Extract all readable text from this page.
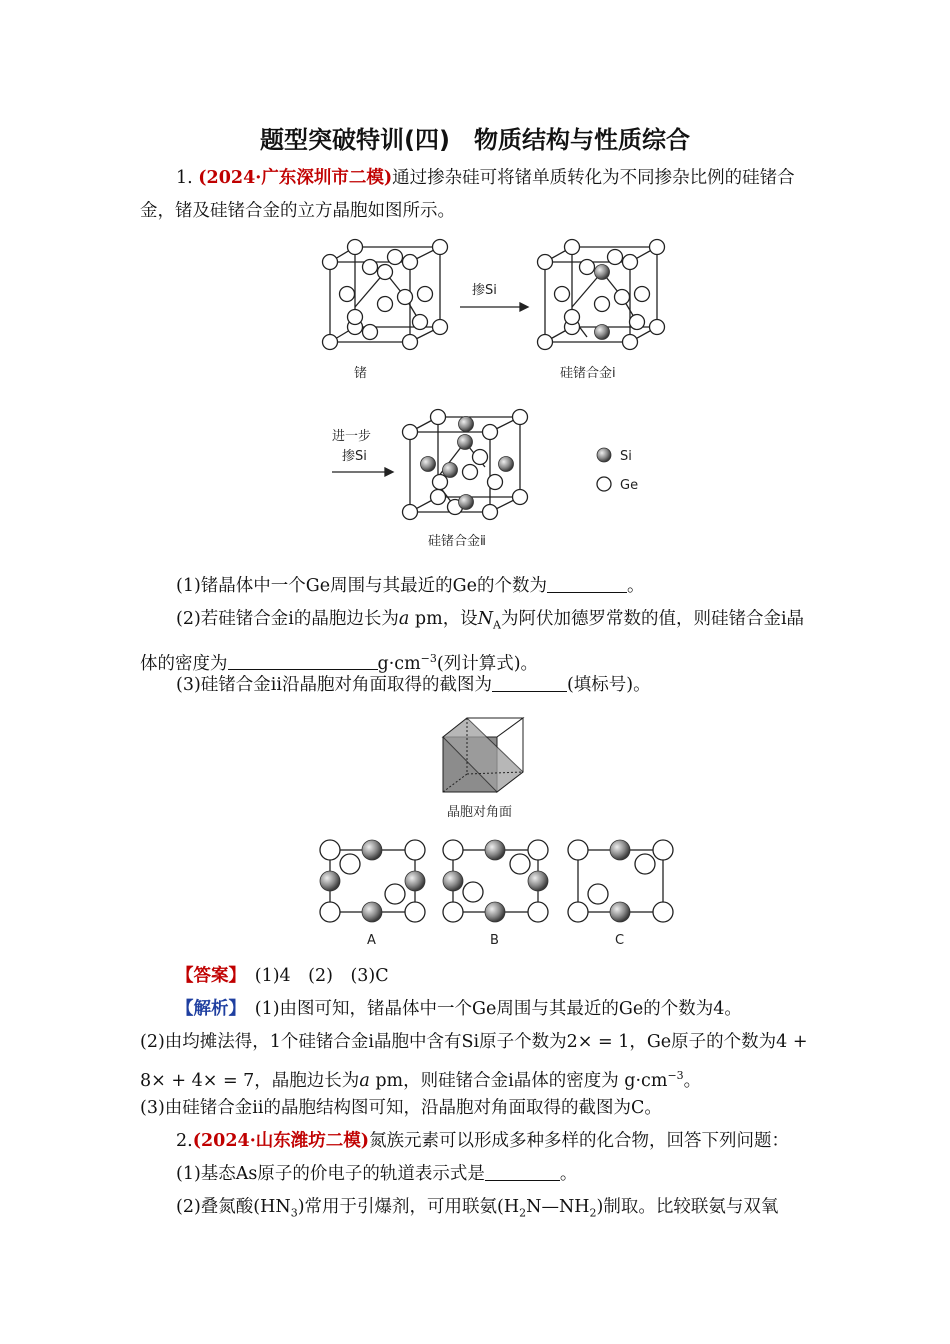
题型突破特训(四)　物质结构与性质综合
1. (2024·广东深圳市二模)通过掺杂硅可将锗单质转化为不同掺杂比例的硅锗合金，锗及硅锗合金的立方晶胞如图所示。
掺Si
锗	硅锗合金ⅰ
进一步
掺Si	Si
Ge
硅锗合金ⅱ
(1)锗晶体中一个Ge周围与其最近的Ge的个数为	。
(2)若硅锗合金ⅰ的晶胞边长为a pm，设$N_A$为阿伏加德罗常数的值，则硅锗合金ⅰ晶体的密度为	$g\cdot cm^{-3}$(列计算式)。
(3)硅锗合金ⅱ沿晶胞对角面取得的截图为	(填标号)。
晶胞对角面
A	B	C
【答案】　 (1)4　(2)　(3)C
【解析】　 (1)由图可知，锗晶体中一个Ge周围与其最近的Ge的个数为4。
(2)由均摊法得，1个硅锗合金ⅰ晶胞中含有Si原子个数为2× = 1，Ge原子的个数为4 + 8× + 4× = 7，晶胞边长为a pm，则硅锗合金ⅰ晶体的密度为 $g\cdot cm^{-3}$。
(3)由硅锗合金ⅱ的晶胞结构图可知，沿晶胞对角面取得的截图为C。
2.(2024·山东潍坊二模)氮族元素可以形成多种多样的化合物，回答下列问题：
(1)基态As原子的价电子的轨道表示式是	。
(2)叠氮酸$(HN_3)$常用于引爆剂，可用联氨$(H_2N—NH_2)$制取。比较联氨与双氧
